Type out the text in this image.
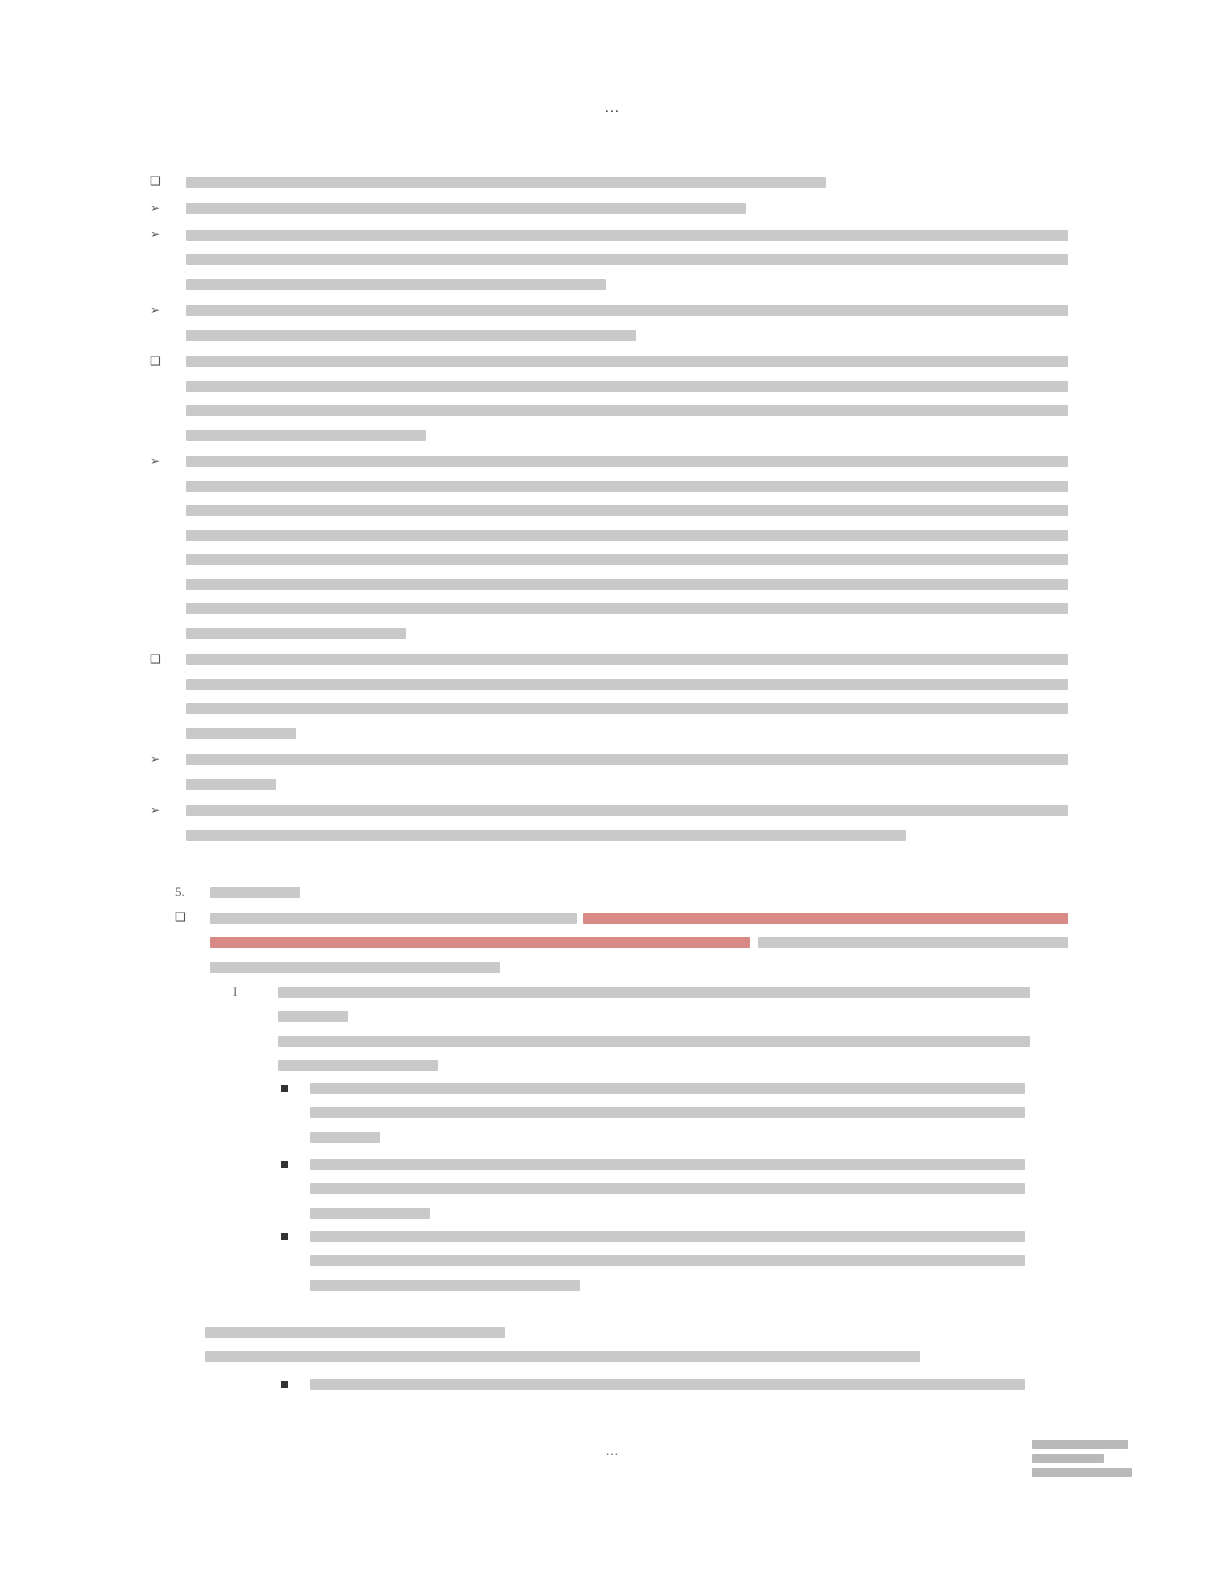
…
❑
➢
➢
➢
❑
➢
❑
➢
➢
5.
❑
I
…
